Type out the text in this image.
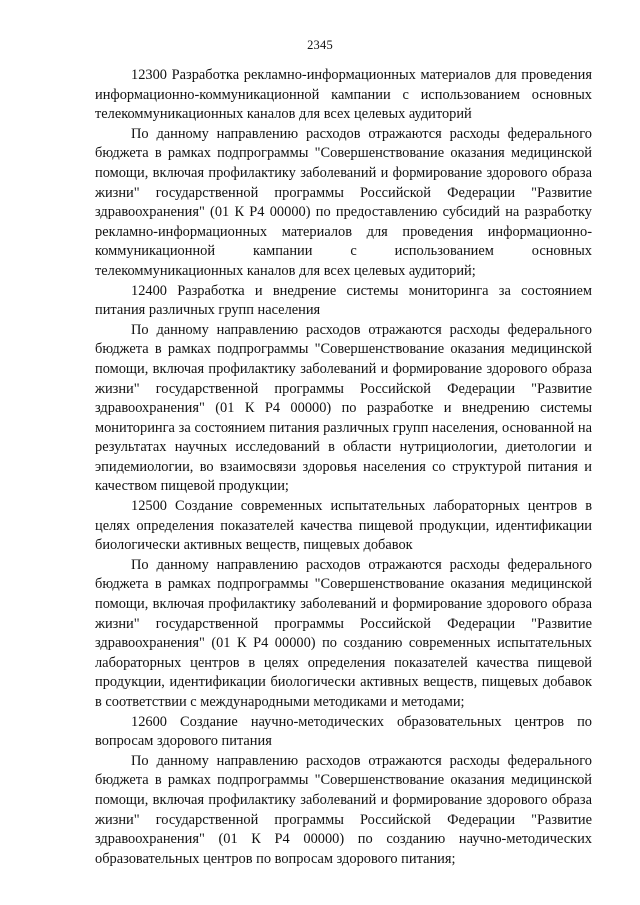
2345

12300 Разработка рекламно-информационных материалов для проведения информационно-коммуникационной кампании с использованием основных телекоммуникационных каналов для всех целевых аудиторий

По данному направлению расходов отражаются расходы федерального бюджета в рамках подпрограммы "Совершенствование оказания медицинской помощи, включая профилактику заболеваний и формирование здорового образа жизни" государственной программы Российской Федерации "Развитие здравоохранения" (01 К Р4 00000) по предоставлению субсидий на разработку рекламно-информационных материалов для проведения информационно-коммуникационной кампании с использованием основных телекоммуникационных каналов для всех целевых аудиторий;

12400 Разработка и внедрение системы мониторинга за состоянием питания различных групп населения

По данному направлению расходов отражаются расходы федерального бюджета в рамках подпрограммы "Совершенствование оказания медицинской помощи, включая профилактику заболеваний и формирование здорового образа жизни" государственной программы Российской Федерации "Развитие здравоохранения" (01 К Р4 00000) по разработке и внедрению системы мониторинга за состоянием питания различных групп населения, основанной на результатах научных исследований в области нутрициологии, диетологии и эпидемиологии, во взаимосвязи здоровья населения со структурой питания и качеством пищевой продукции;

12500 Создание современных испытательных лабораторных центров в целях определения показателей качества пищевой продукции, идентификации биологически активных веществ, пищевых добавок

По данному направлению расходов отражаются расходы федерального бюджета в рамках подпрограммы "Совершенствование оказания медицинской помощи, включая профилактику заболеваний и формирование здорового образа жизни" государственной программы Российской Федерации "Развитие здравоохранения" (01 К Р4 00000) по созданию современных испытательных лабораторных центров в целях определения показателей качества пищевой продукции, идентификации биологически активных веществ, пищевых добавок в соответствии с международными методиками и методами;

12600 Создание научно-методических образовательных центров по вопросам здорового питания

По данному направлению расходов отражаются расходы федерального бюджета в рамках подпрограммы "Совершенствование оказания медицинской помощи, включая профилактику заболеваний и формирование здорового образа жизни" государственной программы Российской Федерации "Развитие здравоохранения" (01 К Р4 00000) по созданию научно-методических образовательных центров по вопросам здорового питания;
